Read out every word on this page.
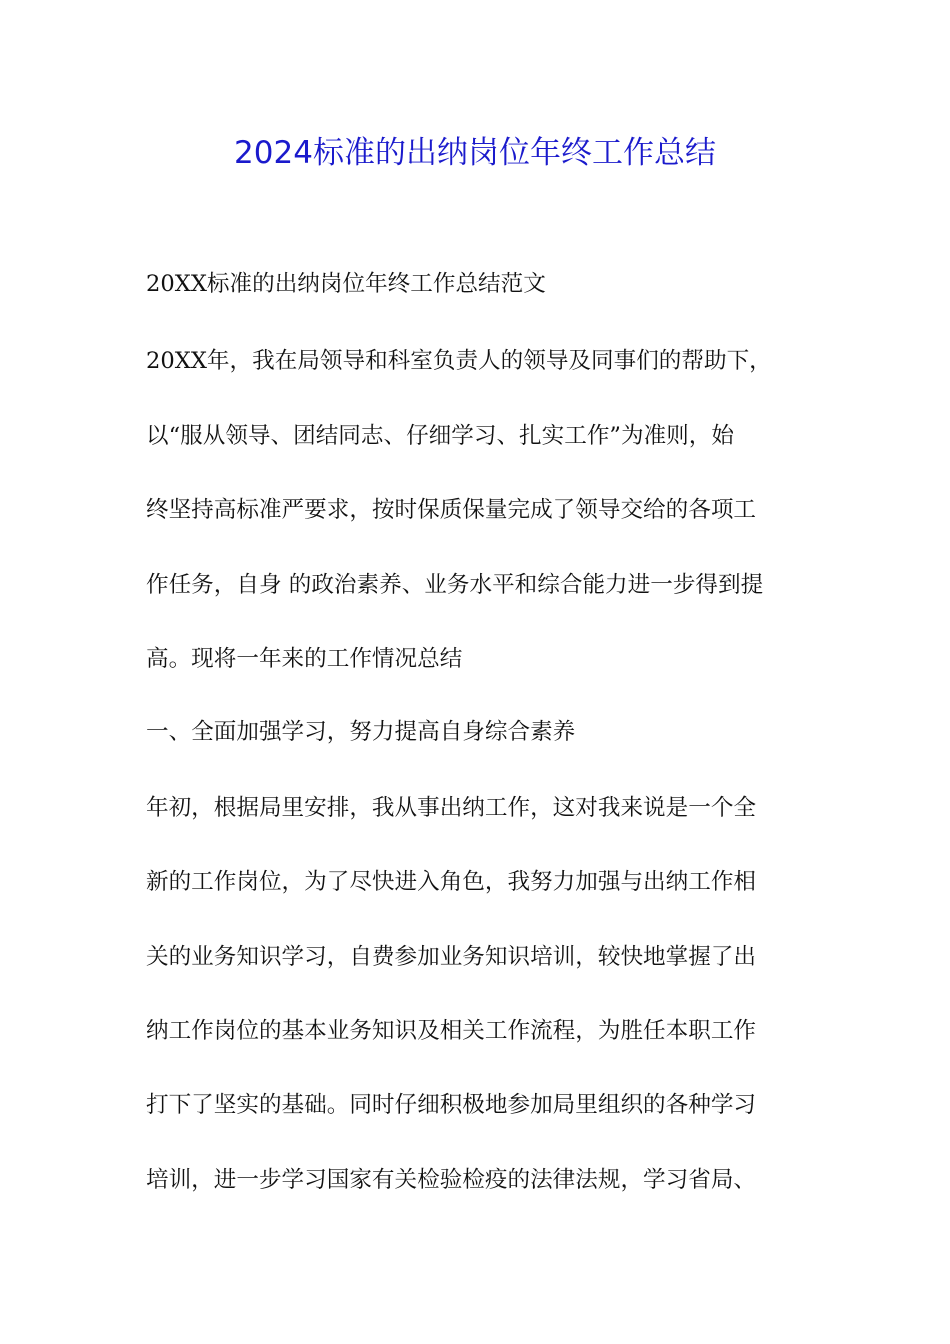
2024标准的出纳岗位年终工作总结

20XX标准的出纳岗位年终工作总结范文

20XX年，我在局领导和科室负责人的领导及同事们的帮助下，

以“服从领导、团结同志、仔细学习、扎实工作”为准则，始

终坚持高标准严要求，按时保质保量完成了领导交给的各项工

作任务，自身 的政治素养、业务水平和综合能力进一步得到提

高。现将一年来的工作情况总结

一、全面加强学习，努力提高自身综合素养

年初，根据局里安排，我从事出纳工作，这对我来说是一个全

新的工作岗位，为了尽快进入角色，我努力加强与出纳工作相

关的业务知识学习，自费参加业务知识培训，较快地掌握了出

纳工作岗位的基本业务知识及相关工作流程，为胜任本职工作

打下了坚实的基础。同时仔细积极地参加局里组织的各种学习

培训，进一步学习国家有关检验检疫的法律法规，学习省局、
